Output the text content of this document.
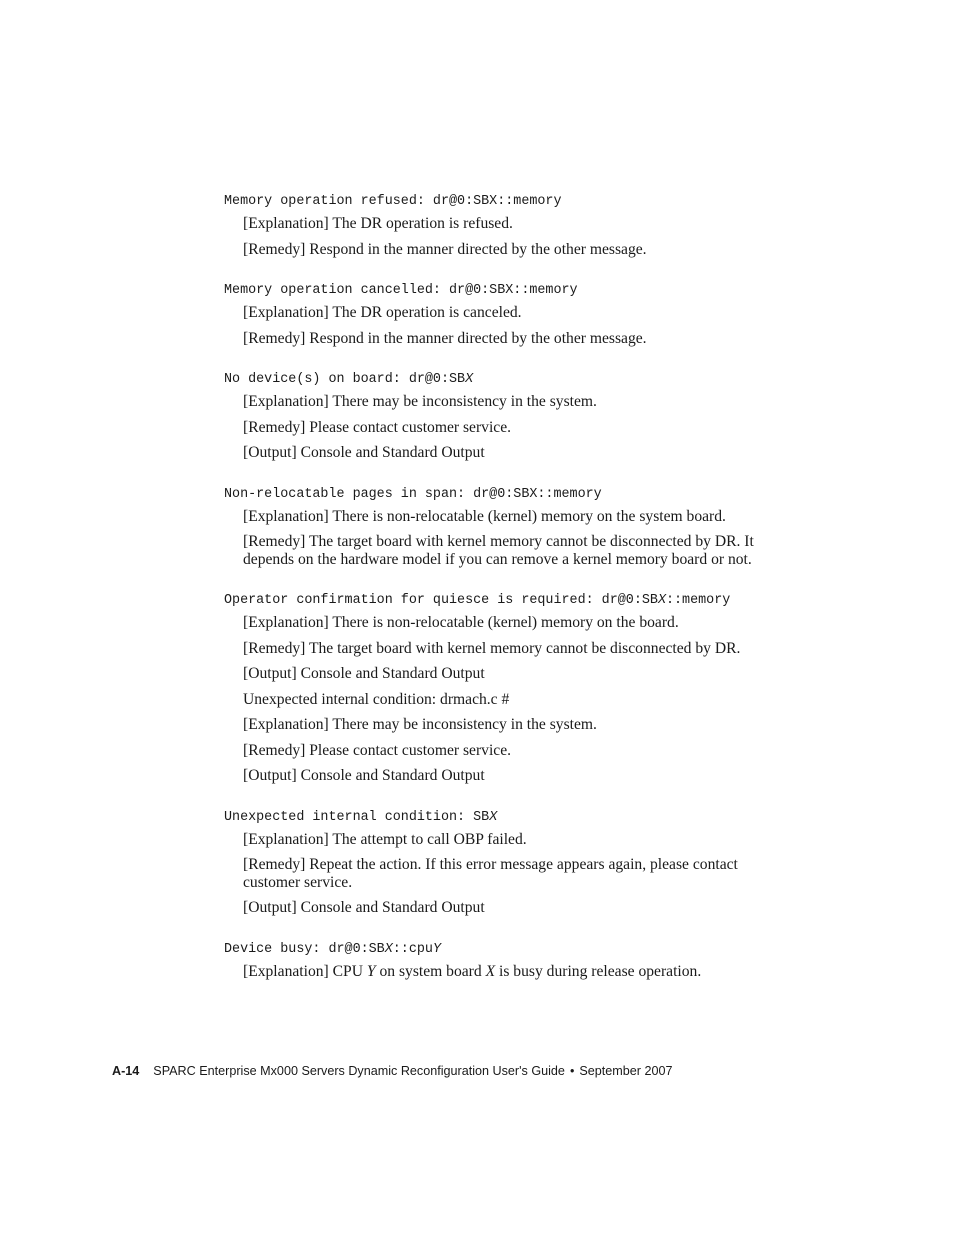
Memory operation refused: dr@0:SBX::memory

[Explanation] The DR operation is refused.

[Remedy] Respond in the manner directed by the other message.

Memory operation cancelled: dr@0:SBX::memory

[Explanation] The DR operation is canceled.

[Remedy] Respond in the manner directed by the other message.

No device(s) on board: dr@0:SBX

[Explanation] There may be inconsistency in the system.

[Remedy] Please contact customer service.

[Output] Console and Standard Output

Non-relocatable pages in span: dr@0:SBX::memory

[Explanation] There is non-relocatable (kernel) memory on the system board.

[Remedy] The target board with kernel memory cannot be disconnected by DR. It depends on the hardware model if you can remove a kernel memory board or not.

Operator confirmation for quiesce is required: dr@0:SBX::memory

[Explanation] There is non-relocatable (kernel) memory on the board.

[Remedy] The target board with kernel memory cannot be disconnected by DR.

[Output] Console and Standard Output

Unexpected internal condition: drmach.c #

[Explanation] There may be inconsistency in the system.

[Remedy] Please contact customer service.

[Output] Console and Standard Output

Unexpected internal condition: SBX

[Explanation] The attempt to call OBP failed.

[Remedy] Repeat the action. If this error message appears again, please contact customer service.

[Output] Console and Standard Output

Device busy: dr@0:SBX::cpuY

[Explanation] CPU Y on system board X is busy during release operation.

A-14 SPARC Enterprise Mx000 Servers Dynamic Reconfiguration User's Guide • September 2007
